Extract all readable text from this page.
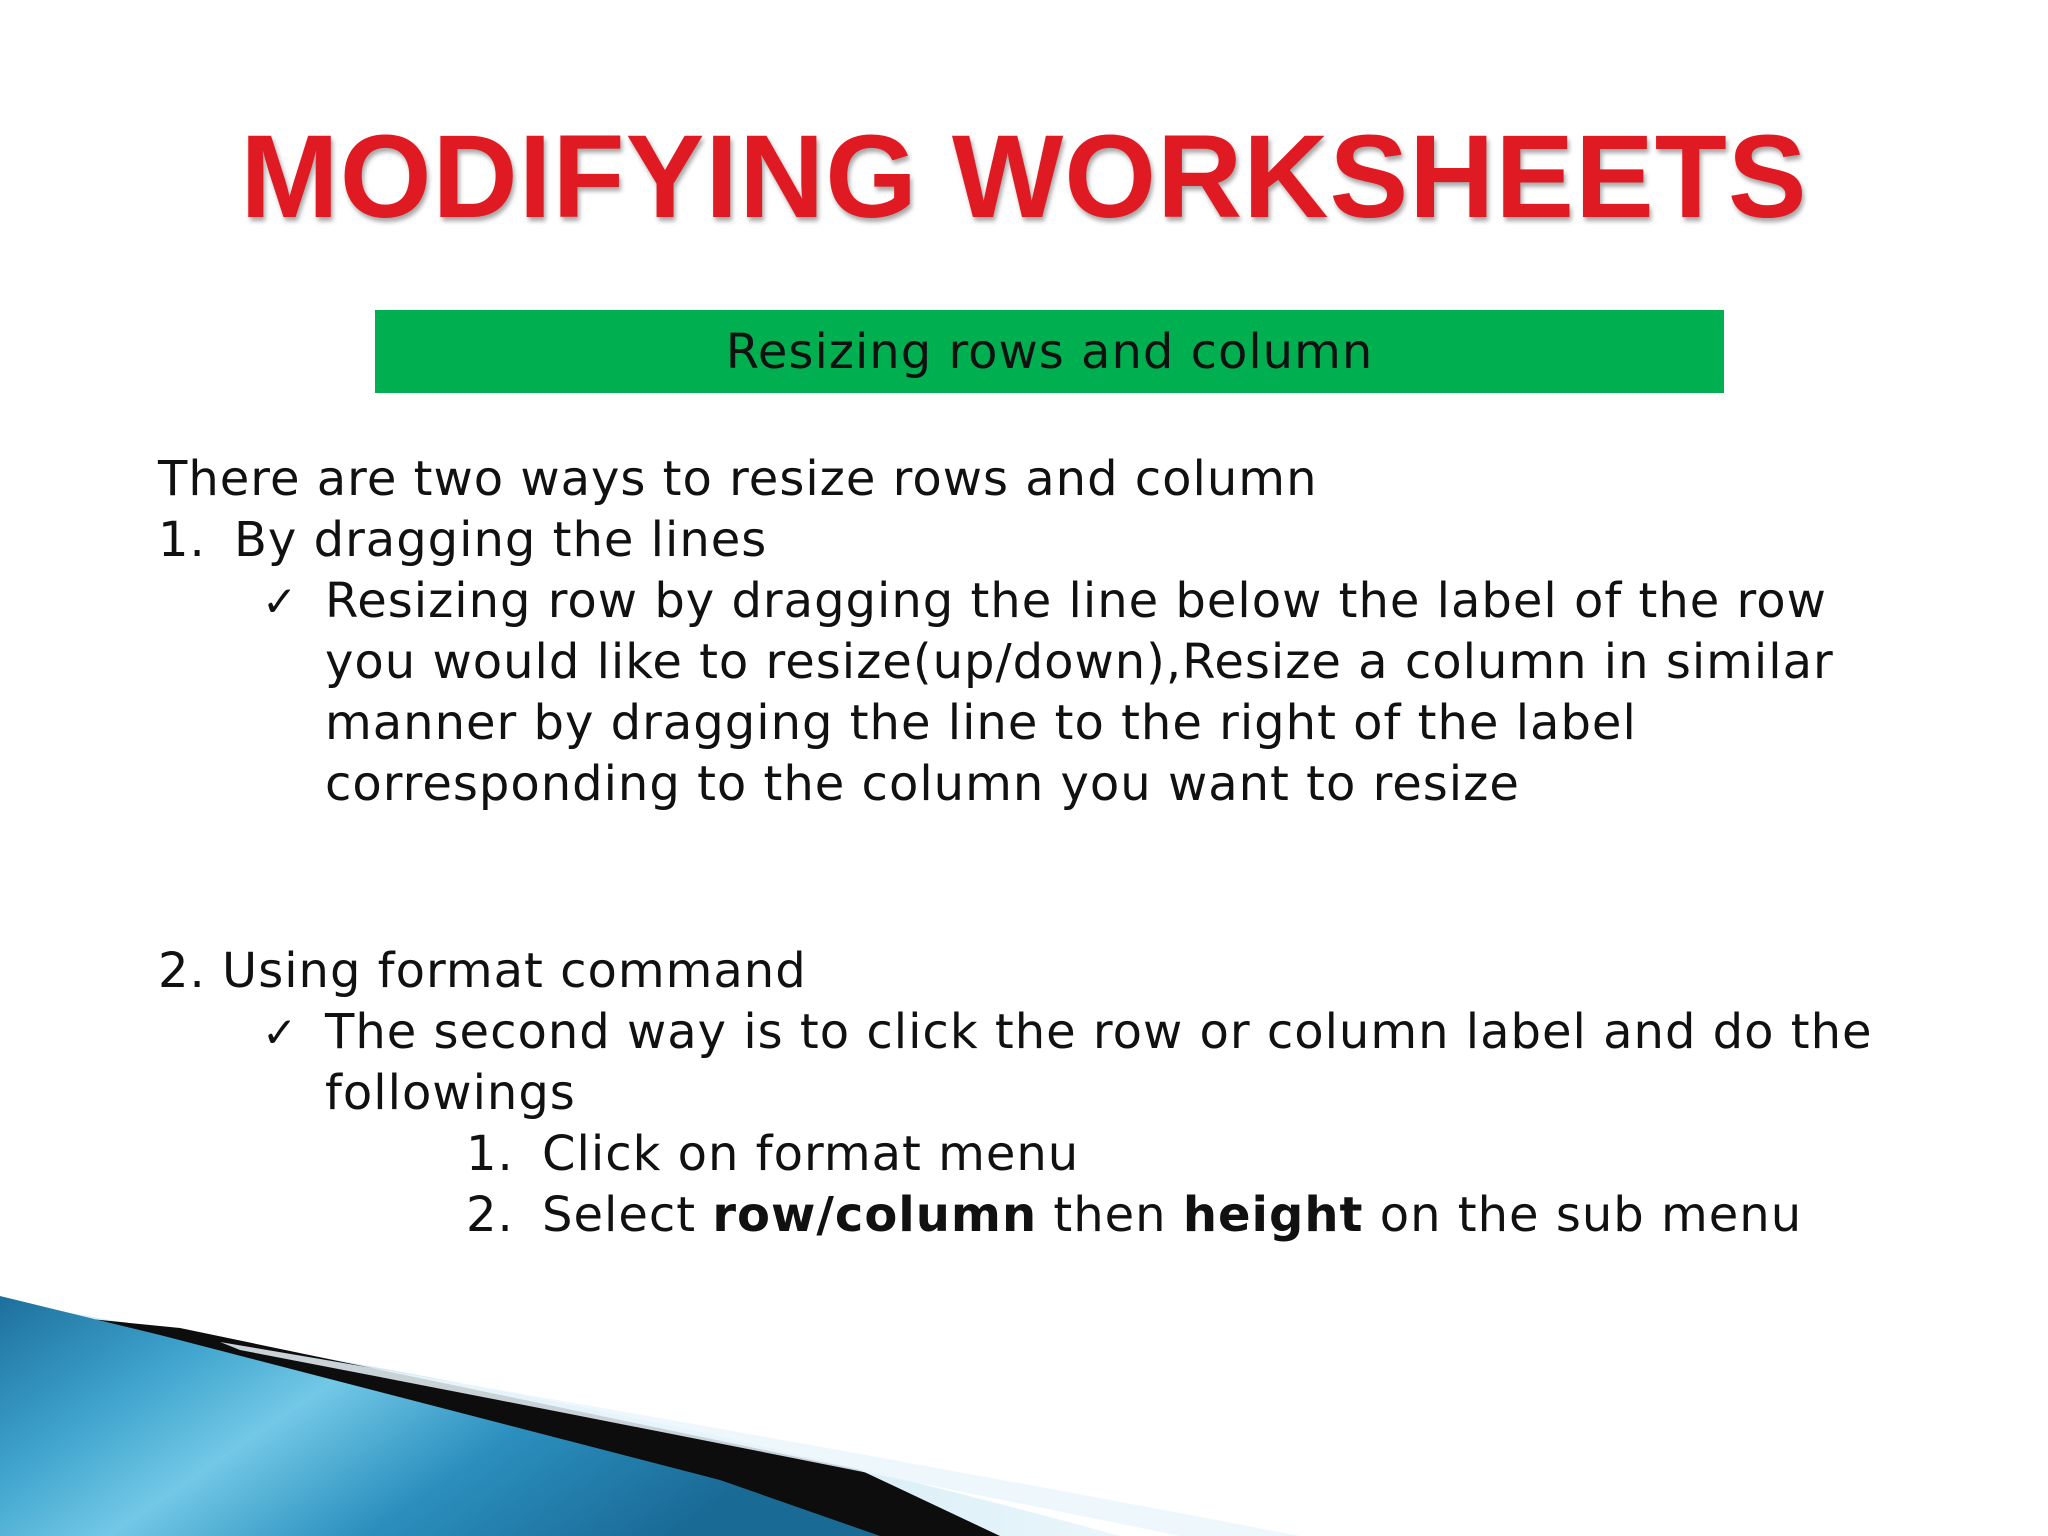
MODIFYING WORKSHEETS
Resizing rows and column
There are two ways to resize rows and column
1. By dragging the lines
✓ Resizing row by dragging the line below the label of the row
you would like to resize(up/down),Resize a column in similar
manner by dragging the line to the right of the label
corresponding to the column you want to resize
2. Using format command
✓ The second way is to click the row or column label and do the
followings
1. Click on format menu
2. Select row/column then height on the sub menu
